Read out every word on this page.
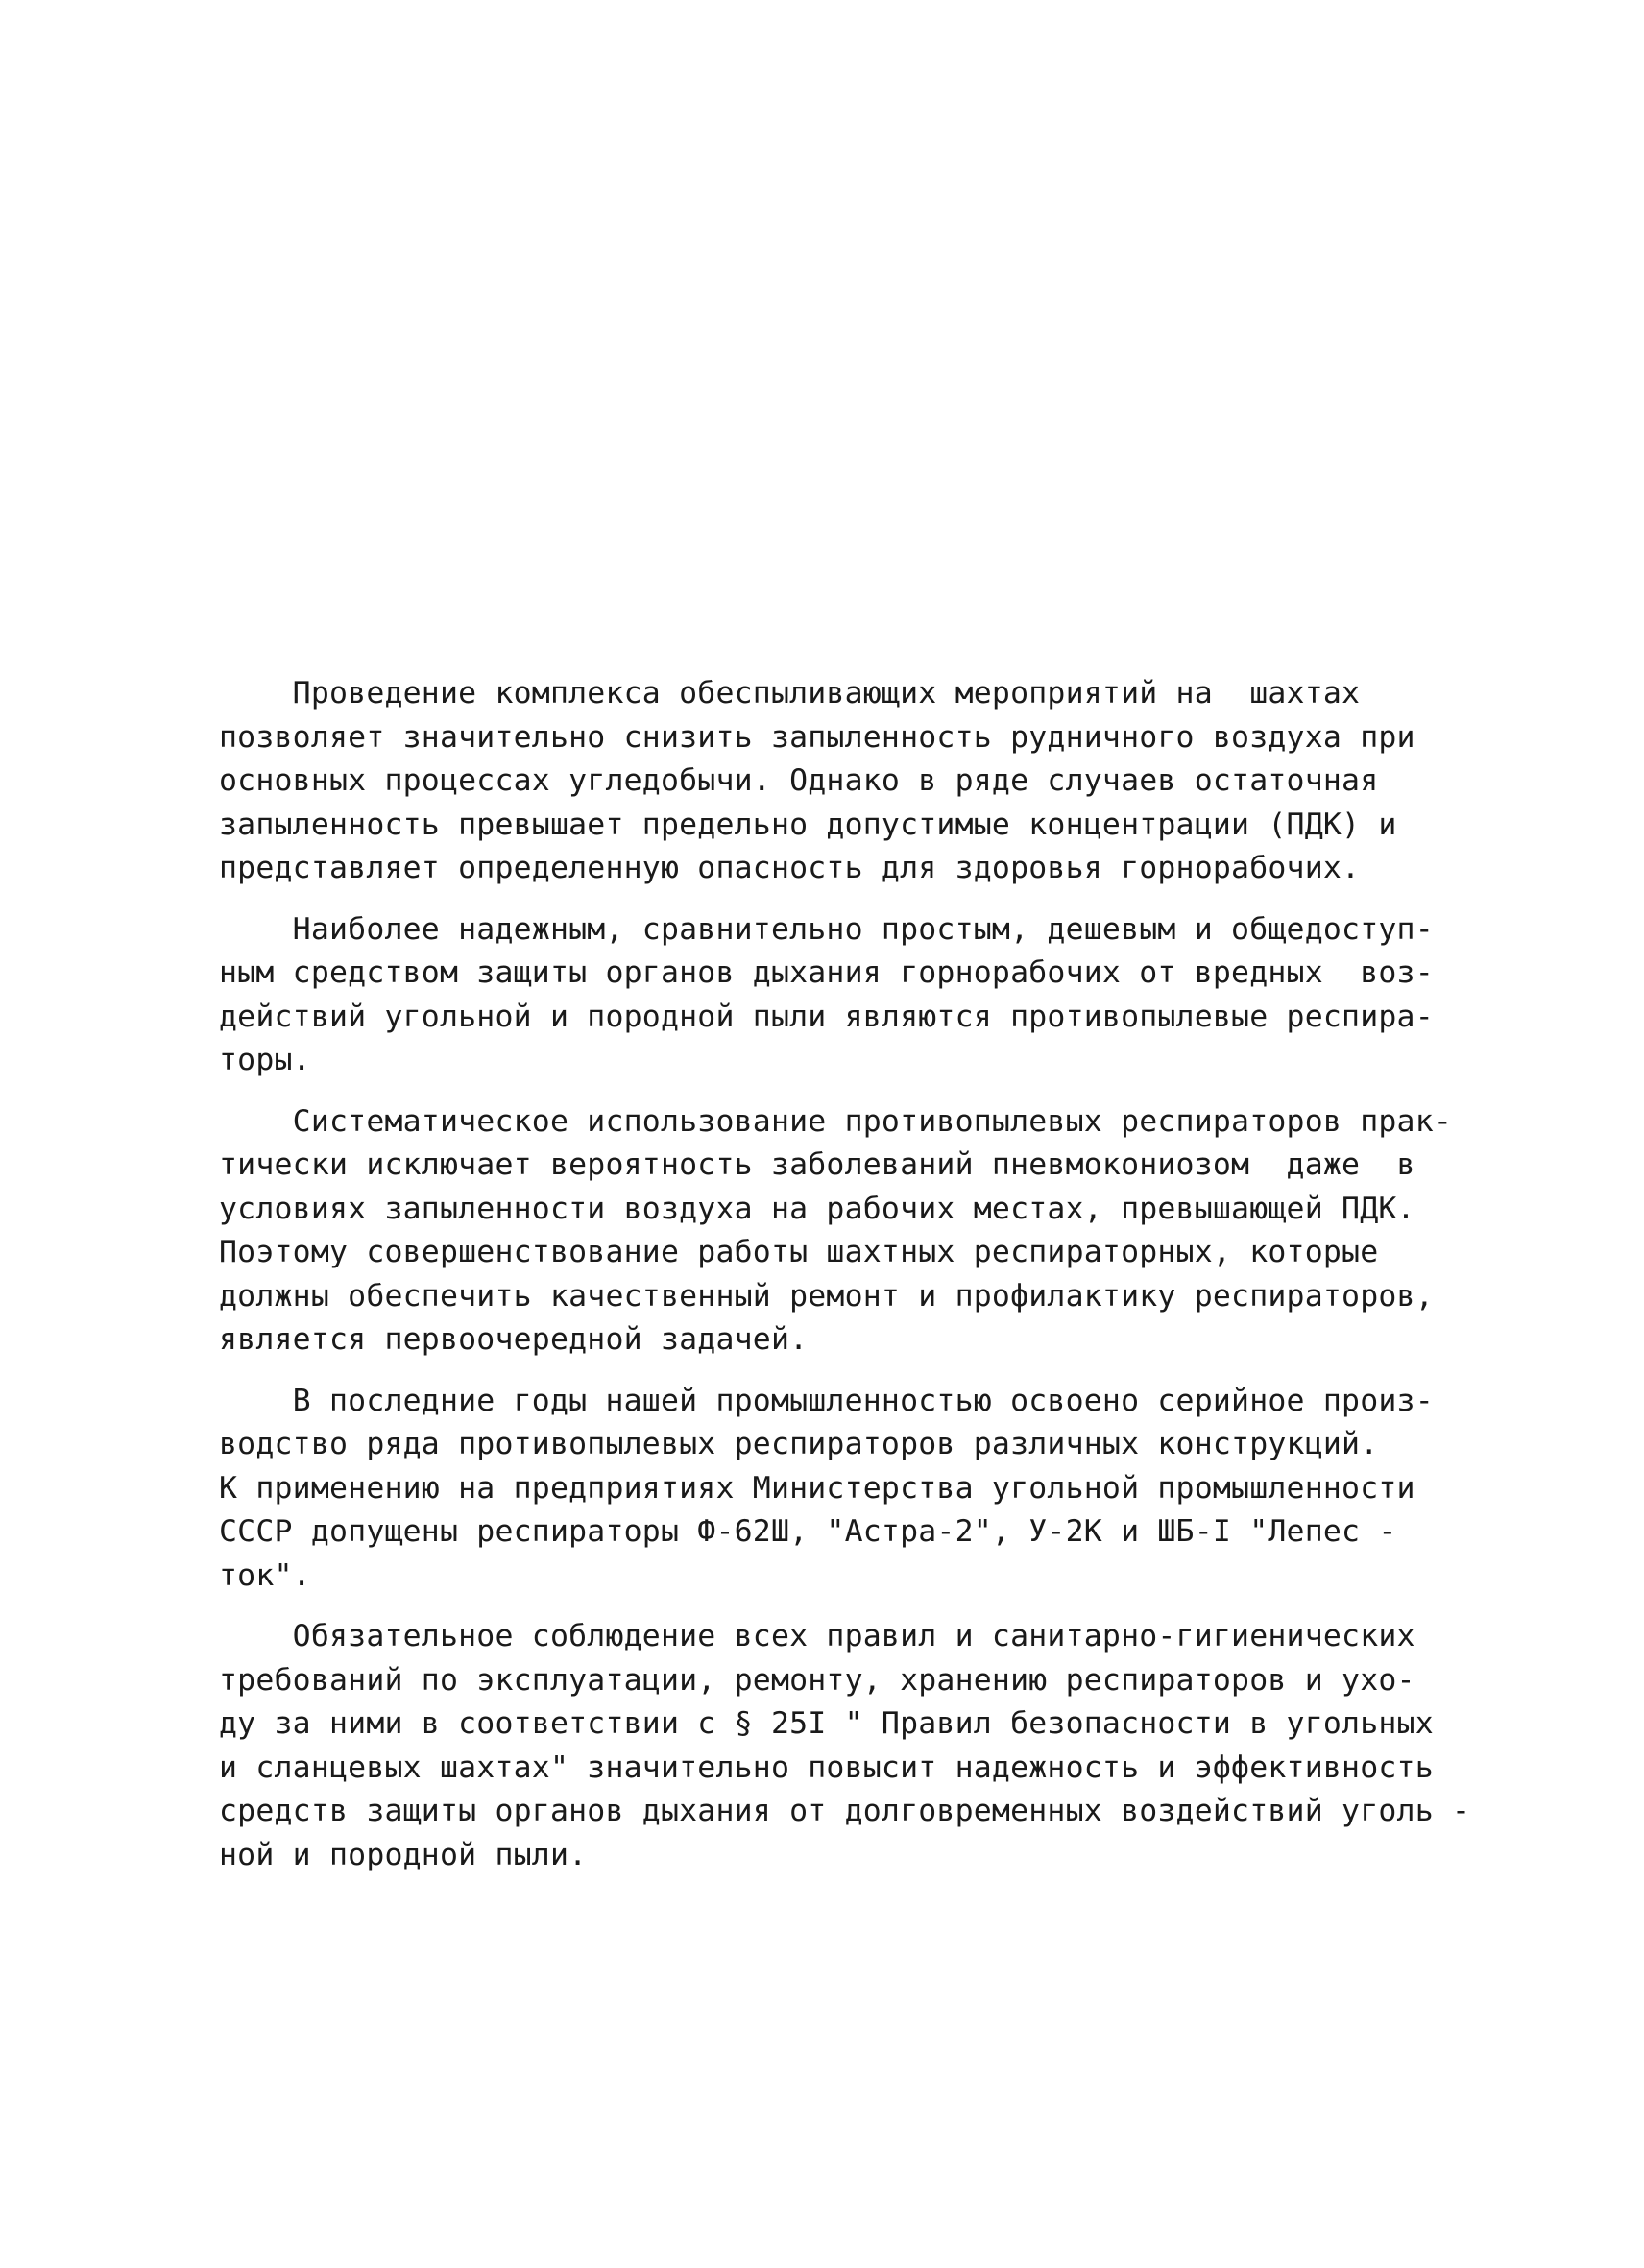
Проведение комплекса обеспыливающих мероприятий на  шахтах
позволяет значительно снизить запыленность рудничного воздуха при
основных процессах угледобычи. Однако в ряде случаев остаточная
запыленность превышает предельно допустимые концентрации (ПДК) и
представляет определенную опасность для здоровья горнорабочих.

Наиболее надежным, сравнительно простым, дешевым и общедоступ-
ным средством защиты органов дыхания горнорабочих от вредных  воз-
действий угольной и породной пыли являются противопылевые респира-
торы.

Систематическое использование противопылевых респираторов прак-
тически исключает вероятность заболеваний пневмокониозом  даже  в
условиях запыленности воздуха на рабочих местах, превышающей ПДК.
Поэтому совершенствование работы шахтных респираторных, которые
должны обеспечить качественный ремонт и профилактику респираторов,
является первоочередной задачей.

В последние годы нашей промышленностью освоено серийное произ-
водство ряда противопылевых респираторов различных конструкций.
К применению на предприятиях Министерства угольной промышленности
СССР допущены респираторы Ф-62Ш, "Астра-2", У-2К и ШБ-I "Лепес -
ток".

Обязательное соблюдение всех правил и санитарно-гигиенических
требований по эксплуатации, ремонту, хранению респираторов и ухо-
ду за ними в соответствии с § 25I " Правил безопасности в угольных
и сланцевых шахтах" значительно повысит надежность и эффективность
средств защиты органов дыхания от долговременных воздействий уголь -
ной и породной пыли.
